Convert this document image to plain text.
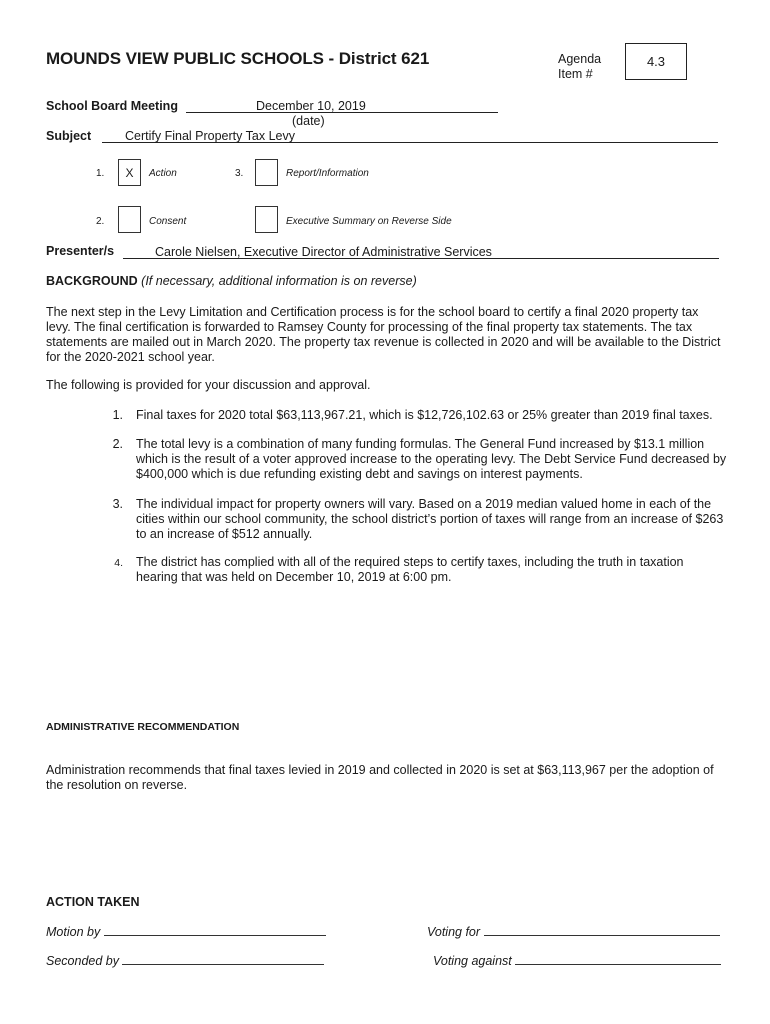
MOUNDS VIEW PUBLIC SCHOOLS - District 621	Agenda Item #
4.3
School Board Meeting	December 10, 2019
(date)
Subject	Certify Final Property Tax Levy
1. X Action	3.	Report/Information
2.	Consent	Executive Summary on Reverse Side
Presenter/s	Carole Nielsen, Executive Director of Administrative Services
BACKGROUND (If necessary, additional information is on reverse)
The next step in the Levy Limitation and Certification process is for the school board to certify a final 2020 property tax levy. The final certification is forwarded to Ramsey County for processing of the final property tax statements. The tax statements are mailed out in March 2020. The property tax revenue is collected in 2020 and will be available to the District for the 2020-2021 school year.
The following is provided for your discussion and approval.
1. Final taxes for 2020 total $63,113,967.21, which is $12,726,102.63 or 25% greater than 2019 final taxes.
2. The total levy is a combination of many funding formulas. The General Fund increased by $13.1 million which is the result of a voter approved increase to the operating levy. The Debt Service Fund decreased by $400,000 which is due refunding existing debt and savings on interest payments.
3. The individual impact for property owners will vary. Based on a 2019 median valued home in each of the cities within our school community, the school district’s portion of taxes will range from an increase of $263 to an increase of $512 annually.
4. The district has complied with all of the required steps to certify taxes, including the truth in taxation hearing that was held on December 10, 2019 at 6:00 pm.
ADMINISTRATIVE RECOMMENDATION
Administration recommends that final taxes levied in 2019 and collected in 2020 is set at $63,113,967 per the adoption of the resolution on reverse.
ACTION TAKEN
Motion by	Voting for
Seconded by	Voting against
